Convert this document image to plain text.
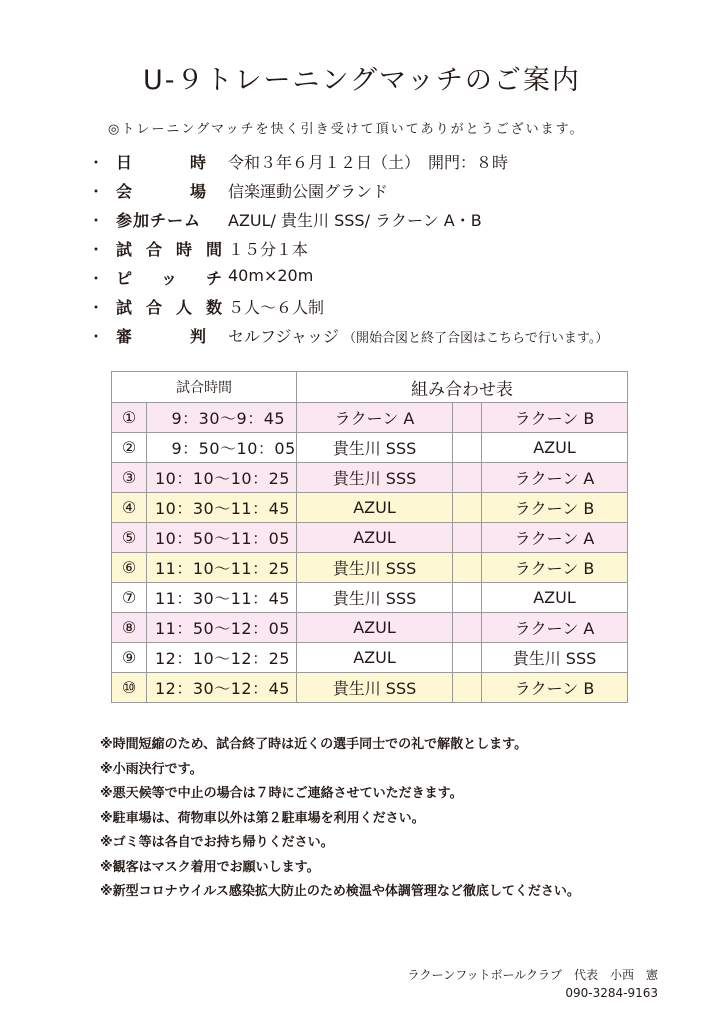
U-９トレーニングマッチのご案内
◎トレーニングマッチを快く引き受けて頂いてありがとうございます。
・ 日	時 令和３年６月１２日（土）　開門：８時
・ 会	場 信楽運動公園グランド
・ 参加チーム AZUL/ 貴生川 SSS/ ラクーン A・B
・ 試 合 時 間 １５分１本
・ ピ ッ チ 40m×20m
・ 試 合 人 数 ５人～６人制
・ 審	判 セルフジャッジ （開始合図と終了合図はこちらで行います。）
試合時間		組み合わせ表		
①	　9：30～9：45	ラクーン A		ラクーン B
②	　9：50～10：05	貴生川 SSS		AZUL
③	10：10～10：25	貴生川 SSS		ラクーン A
④	10：30～11：45	AZUL		ラクーン B
⑤	10：50～11：05	AZUL		ラクーン A
⑥	11：10～11：25	貴生川 SSS		ラクーン B
⑦	11：30～11：45	貴生川 SSS		AZUL
⑧	11：50～12：05	AZUL		ラクーン A
⑨	12：10～12：25	AZUL		貴生川 SSS
⑩	12：30～12：45	貴生川 SSS		ラクーン B
※時間短縮のため、試合終了時は近くの選手同士での礼で解散とします。
※小雨決行です。
※悪天候等で中止の場合は７時にご連絡させていただきます。
※駐車場は、荷物車以外は第２駐車場を利用ください。
※ゴミ等は各自でお持ち帰りください。
※観客はマスク着用でお願いします。
※新型コロナウイルス感染拡大防止のため検温や体調管理など徹底してください。
ラクーンフットボールクラブ　代表　小西　憲
090-3284-9163
